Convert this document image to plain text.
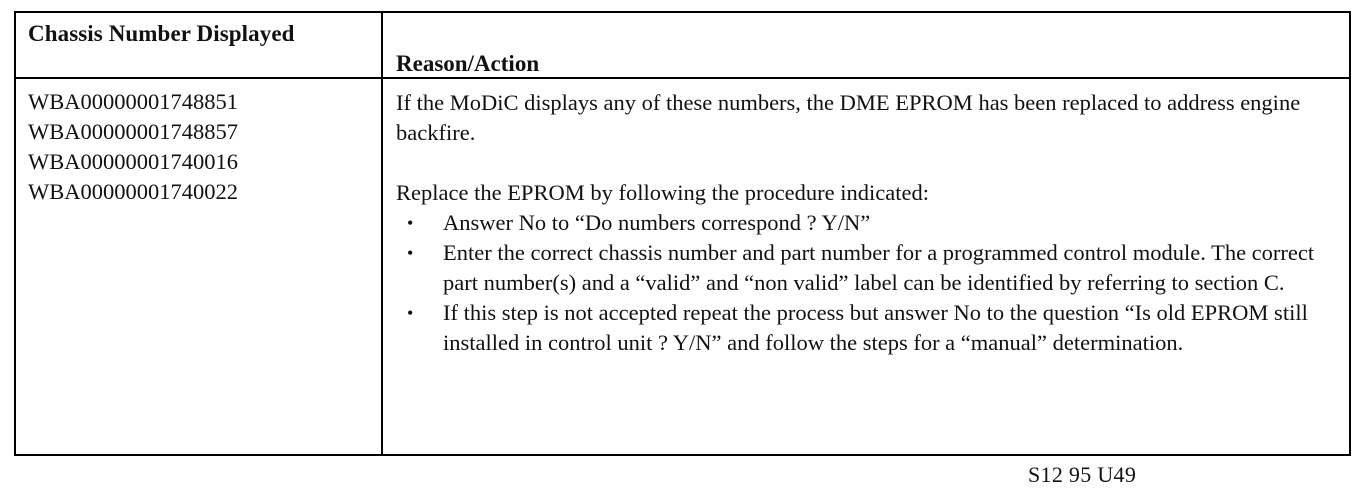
Chassis Number Displayed
Reason/Action
WBA00000001748851
WBA00000001748857
WBA00000001740016
WBA00000001740022

If the MoDiC displays any of these numbers, the DME EPROM has been replaced to address engine backfire.

Replace the EPROM by following the procedure indicated:

• Answer No to “Do numbers correspond ? Y/N”
• Enter the correct chassis number and part number for a programmed control module. The correct part number(s) and a “valid” and “non valid” label can be identified by referring to section C.
• If this step is not accepted repeat the process but answer No to the question “Is old EPROM still installed in control unit ? Y/N” and follow the steps for a “manual” determination.
S12 95 U49
